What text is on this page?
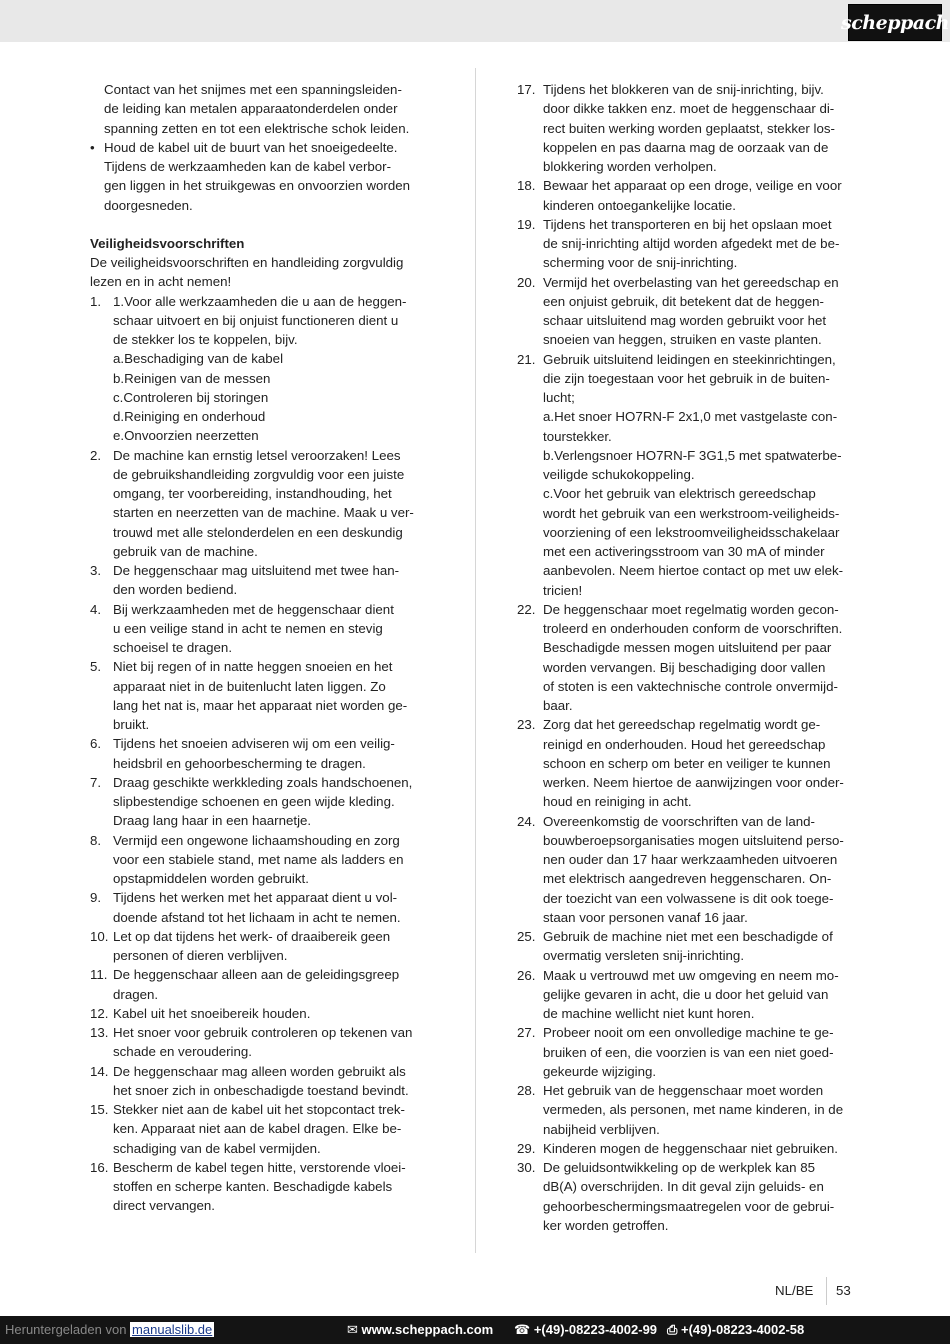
scheppach
Contact van het snijmes met een spanningsleiden-
de leiding kan metalen apparaatonderdelen onder
spanning zetten en tot een elektrische schok leiden.
• Houd de kabel uit de buurt van het snoeigedeelte.
Tijdens de werkzaamheden kan de kabel verbor-
gen liggen in het struikgewas en onvoorzien worden
doorgesneden.
Veiligheidsvoorschriften
De veiligheidsvoorschriften en handleiding zorgvuldig
lezen en in acht nemen!
1. 1.Voor alle werkzaamheden die u aan de heggen-
schaar uitvoert en bij onjuist functioneren dient u
de stekker los te koppelen, bijv.
a.Beschadiging van de kabel
b.Reinigen van de messen
c.Controleren bij storingen
d.Reiniging en onderhoud
e.Onvoorzien neerzetten
2. De machine kan ernstig letsel veroorzaken! Lees
de gebruikshandleiding zorgvuldig voor een juiste
omgang, ter voorbereiding, instandhouding, het
starten en neerzetten van de machine. Maak u ver-
trouwd met alle stelonderdelen en een deskundig
gebruik van de machine.
3. De heggenschaar mag uitsluitend met twee han-
den worden bediend.
4. Bij werkzaamheden met de heggenschaar dient
u een veilige stand in acht te nemen en stevig
schoeisel te dragen.
5. Niet bij regen of in natte heggen snoeien en het
apparaat niet in de buitenlucht laten liggen. Zo
lang het nat is, maar het apparaat niet worden ge-
bruikt.
6. Tijdens het snoeien adviseren wij om een veilig-
heidsbril en gehoorbescherming te dragen.
7. Draag geschikte werkkleding zoals handschoenen,
slipbestendige schoenen en geen wijde kleding.
Draag lang haar in een haarnetje.
8. Vermijd een ongewone lichaamshouding en zorg
voor een stabiele stand, met name als ladders en
opstapmiddelen worden gebruikt.
9. Tijdens het werken met het apparaat dient u vol-
doende afstand tot het lichaam in acht te nemen.
10. Let op dat tijdens het werk- of draaibereik geen
personen of dieren verblijven.
11. De heggenschaar alleen aan de geleidingsgreep
dragen.
12. Kabel uit het snoeibereik houden.
13. Het snoer voor gebruik controleren op tekenen van
schade en veroudering.
14. De heggenschaar mag alleen worden gebruikt als
het snoer zich in onbeschadigde toestand bevindt.
15. Stekker niet aan de kabel uit het stopcontact trek-
ken. Apparaat niet aan de kabel dragen. Elke be-
schadiging van de kabel vermijden.
16. Bescherm de kabel tegen hitte, verstorende vloei-
stoffen en scherpe kanten. Beschadigde kabels
direct vervangen.
17. Tijdens het blokkeren van de snij-inrichting, bijv.
door dikke takken enz. moet de heggenschaar di-
rect buiten werking worden geplaatst, stekker los-
koppelen en pas daarna mag de oorzaak van de
blokkering worden verholpen.
18. Bewaar het apparaat op een droge, veilige en voor
kinderen ontoegankelijke locatie.
19. Tijdens het transporteren en bij het opslaan moet
de snij-inrichting altijd worden afgedekt met de be-
scherming voor de snij-inrichting.
20. Vermijd het overbelasting van het gereedschap en
een onjuist gebruik, dit betekent dat de heggen-
schaar uitsluitend mag worden gebruikt voor het
snoeien van heggen, struiken en vaste planten.
21. Gebruik uitsluitend leidingen en steekinrichtingen,
die zijn toegestaan voor het gebruik in de buiten-
lucht;
a.Het snoer HO7RN-F 2x1,0 met vastgelaste con-
tourstekker.
b.Verlengsnoer HO7RN-F 3G1,5 met spatwaterbe-
veiligde schukokoppeling.
c.Voor het gebruik van elektrisch gereedschap
wordt het gebruik van een werkstroom-veiligheids-
voorziening of een lekstroomveiligheidsschakelaar
met een activeringsstroom van 30 mA of minder
aanbevolen. Neem hiertoe contact op met uw elek-
tricien!
22. De heggenschaar moet regelmatig worden gecon-
troleerd en onderhouden conform de voorschriften.
Beschadigde messen mogen uitsluitend per paar
worden vervangen. Bij beschadiging door vallen
of stoten is een vaktechnische controle onvermijd-
baar.
23. Zorg dat het gereedschap regelmatig wordt ge-
reinigd en onderhouden. Houd het gereedschap
schoon en scherp om beter en veiliger te kunnen
werken. Neem hiertoe de aanwijzingen voor onder-
houd en reiniging in acht.
24. Overeenkomstig de voorschriften van de land-
bouwberoepsorganisaties mogen uitsluitend perso-
nen ouder dan 17 haar werkzaamheden uitvoeren
met elektrisch aangedreven heggenscharen. On-
der toezicht van een volwassene is dit ook toege-
staan voor personen vanaf 16 jaar.
25. Gebruik de machine niet met een beschadigde of
overmatig versleten snij-inrichting.
26. Maak u vertrouwd met uw omgeving en neem mo-
gelijke gevaren in acht, die u door het geluid van
de machine wellicht niet kunt horen.
27. Probeer nooit om een onvolledige machine te ge-
bruiken of een, die voorzien is van een niet goed-
gekeurde wijziging.
28. Het gebruik van de heggenschaar moet worden
vermeden, als personen, met name kinderen, in de
nabijheid verblijven.
29. Kinderen mogen de heggenschaar niet gebruiken.
30. De geluidsontwikkeling op de werkplek kan 85
dB(A) overschrijden. In dit geval zijn geluids- en
gehoorbeschermingsmaatregelen voor de gebrui-
ker worden getroffen.
NL/BE 53
Heruntergeladen von manualslib.de	✉ www.scheppach.com ☎ +(49)-08223-4002-99 ⎙ +(49)-08223-4002-58
